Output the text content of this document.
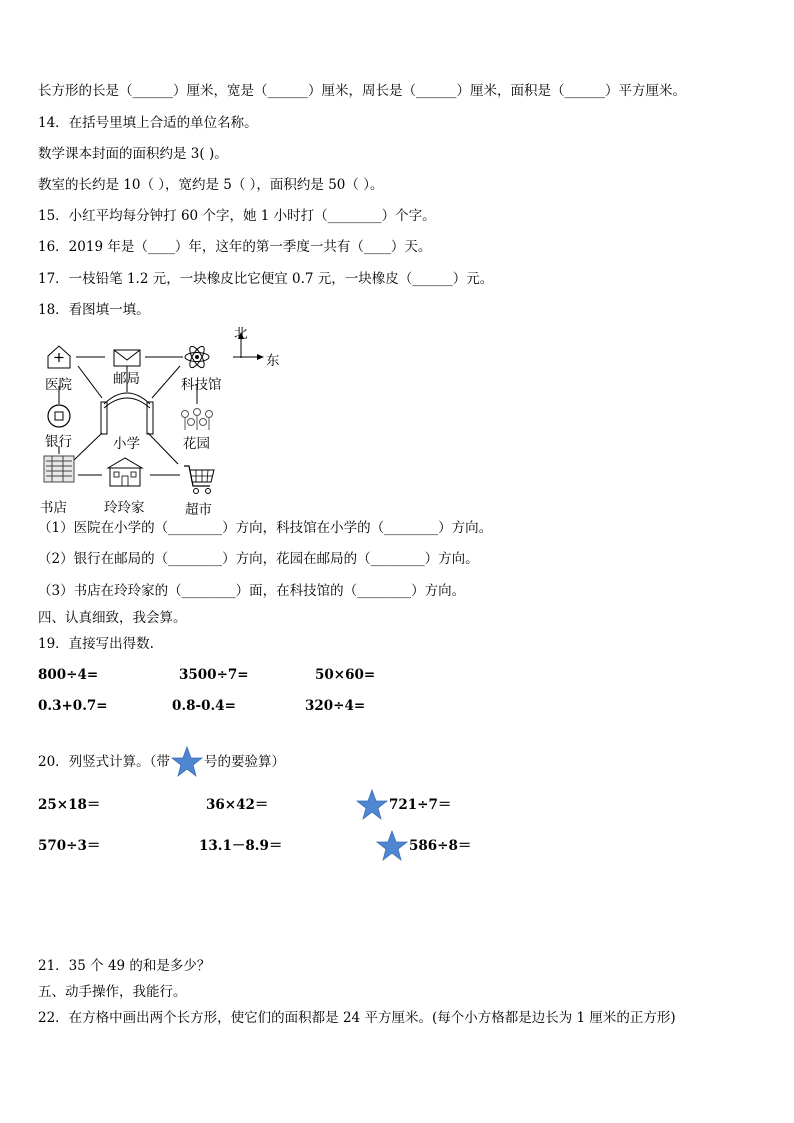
长方形的长是（______）厘米，宽是（______）厘米，周长是（______）厘米，面积是（______）平方厘米。
14．在括号里填上合适的单位名称。
数学课本封面的面积约是 3( )。
教室的长约是 10（ ），宽约是 5（ ），面积约是 50（ ）。
15．小红平均每分钟打 60 个字，她 1 小时打（________）个字。
16．2019 年是（____）年，这年的第一季度一共有（____）天。
17．一枝铅笔 1.2 元，一块橡皮比它便宜 0.7 元，一块橡皮（______）元。
18．看图填一填。
北
东
医院	邮局	科技馆
银行	小学	花园
书店	玲玲家	超市
（1）医院在小学的（________）方向，科技馆在小学的（________）方向。
（2）银行在邮局的（________）方向，花园在邮局的（________）方向。
（3）书店在玲玲家的（________）面，在科技馆的（________）方向。
四、认真细致，我会算。
19．直接写出得数.
800÷4=	3500÷7=	50×60=
0.3+0.7=	0.8-0.4=	320÷4=
20．列竖式计算。（带	号的要验算）
25×18＝	36×42＝	721÷7＝
570÷3＝	13.1－8.9＝	586÷8＝
21．35 个 49 的和是多少？
五、动手操作，我能行。
22．在方格中画出两个长方形，使它们的面积都是 24 平方厘米。(每个小方格都是边长为 1 厘米的正方形)
